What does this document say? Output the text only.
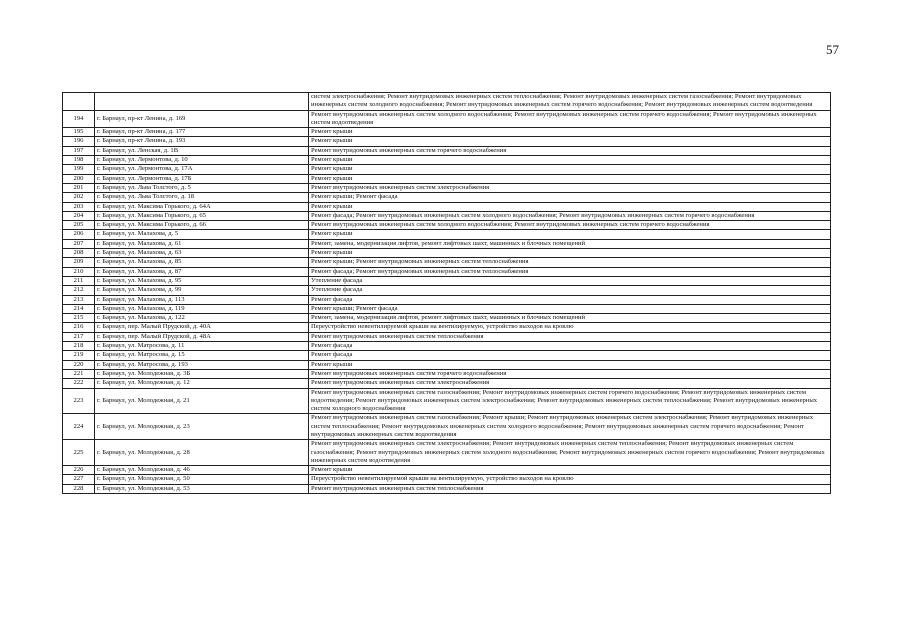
57
		систем электроснабжения; Ремонт внутридомовых инженерных систем теплоснабжения; Ремонт внутридомовых инженерных систем газоснабжения; Ремонт внутридомовых инженерных систем холодного водоснабжения; Ремонт внутридомовых инженерных систем горячего водоснабжения; Ремонт внутридомовых инженерных систем водоотведения
194	г. Барнаул, пр-кт Ленина, д. 169	Ремонт внутридомовых инженерных систем холодного водоснабжения; Ремонт внутридомовых инженерных систем горячего водоснабжения; Ремонт внутридомовых инженерных систем водоотведения
195	г. Барнаул, пр-кт Ленина, д. 177	Ремонт крыши
196	г. Барнаул, пр-кт Ленина, д. 193	Ремонт крыши
197	г. Барнаул, ул. Ленская, д. 1В	Ремонт внутридомовых инженерных систем горячего водоснабжения
198	г. Барнаул, ул. Лермонтова, д. 10	Ремонт крыши
199	г. Барнаул, ул. Лермонтова, д. 17А	Ремонт крыши
200	г. Барнаул, ул. Лермонтова, д. 17Б	Ремонт крыши
201	г. Барнаул, ул. Льва Толстого, д. 5	Ремонт внутридомовых инженерных систем электроснабжения
202	г. Барнаул, ул. Льва Толстого, д. 18	Ремонт крыши; Ремонт фасада
203	г. Барнаул, ул. Максима Горького, д. 64А	Ремонт крыши
204	г. Барнаул, ул. Максима Горького, д. 65	Ремонт фасада; Ремонт внутридомовых инженерных систем холодного водоснабжения; Ремонт внутридомовых инженерных систем горячего водоснабжения
205	г. Барнаул, ул. Максима Горького, д. 66	Ремонт внутридомовых инженерных систем холодного водоснабжения; Ремонт внутридомовых инженерных систем горячего водоснабжения
206	г. Барнаул, ул. Малахова, д. 5	Ремонт крыши
207	г. Барнаул, ул. Малахова, д. 61	Ремонт, замена, модернизация лифтов, ремонт лифтовых шахт, машинных и блочных помещений
208	г. Барнаул, ул. Малахова, д. 63	Ремонт крыши
209	г. Барнаул, ул. Малахова, д. 85	Ремонт крыши; Ремонт внутридомовых инженерных систем теплоснабжения
210	г. Барнаул, ул. Малахова, д. 87	Ремонт фасада; Ремонт внутридомовых инженерных систем теплоснабжения
211	г. Барнаул, ул. Малахова, д. 95	Утепление фасада
212	г. Барнаул, ул. Малахова, д. 99	Утепление фасада
213	г. Барнаул, ул. Малахова, д. 113	Ремонт фасада
214	г. Барнаул, ул. Малахова, д. 119	Ремонт крыши; Ремонт фасада
215	г. Барнаул, ул. Малахова, д. 122	Ремонт, замена, модернизация лифтов, ремонт лифтовых шахт, машинных и блочных помещений
216	г. Барнаул, пер. Малый Прудской, д. 40А	Переустройство невентилируемой крыши на вентилируемую, устройство выходов на кровлю
217	г. Барнаул, пер. Малый Прудской, д. 48А	Ремонт внутридомовых инженерных систем теплоснабжения
218	г. Барнаул, ул. Матросова, д. 11	Ремонт фасада
219	г. Барнаул, ул. Матросова, д. 15	Ремонт фасада
220	г. Барнаул, ул. Матросова, д. 193	Ремонт крыши
221	г. Барнаул, ул. Молодежная, д. 3Б	Ремонт внутридомовых инженерных систем горячего водоснабжения
222	г. Барнаул, ул. Молодежная, д. 12	Ремонт внутридомовых инженерных систем электроснабжения
223	г. Барнаул, ул. Молодежная, д. 21	Ремонт внутридомовых инженерных систем газоснабжения; Ремонт внутридомовых инженерных систем горячего водоснабжения; Ремонт внутридомовых инженерных систем водоотведения; Ремонт внутридомовых инженерных систем электроснабжения; Ремонт внутридомовых инженерных систем теплоснабжения; Ремонт внутридомовых инженерных систем холодного водоснабжения
224	г. Барнаул, ул. Молодежная, д. 23	Ремонт внутридомовых инженерных систем газоснабжения; Ремонт крыши; Ремонт внутридомовых инженерных систем электроснабжения; Ремонт внутридомовых инженерных систем теплоснабжения; Ремонт внутридомовых инженерных систем холодного водоснабжения; Ремонт внутридомовых инженерных систем горячего водоснабжения; Ремонт внутридомовых инженерных систем водоотведения
225	г. Барнаул, ул. Молодежная, д. 28	Ремонт внутридомовых инженерных систем электроснабжения; Ремонт внутридомовых инженерных систем теплоснабжения; Ремонт внутридомовых инженерных систем газоснабжения; Ремонт внутридомовых инженерных систем холодного водоснабжения; Ремонт внутридомовых инженерных систем горячего водоснабжения; Ремонт внутридомовых инженерных систем водоотведения
226	г. Барнаул, ул. Молодежная, д. 46	Ремонт крыши
227	г. Барнаул, ул. Молодежная, д. 50	Переустройство невентилируемой крыши на вентилируемую, устройство выходов на кровлю
228	г. Барнаул, ул. Молодежная, д. 53	Ремонт внутридомовых инженерных систем теплоснабжения
